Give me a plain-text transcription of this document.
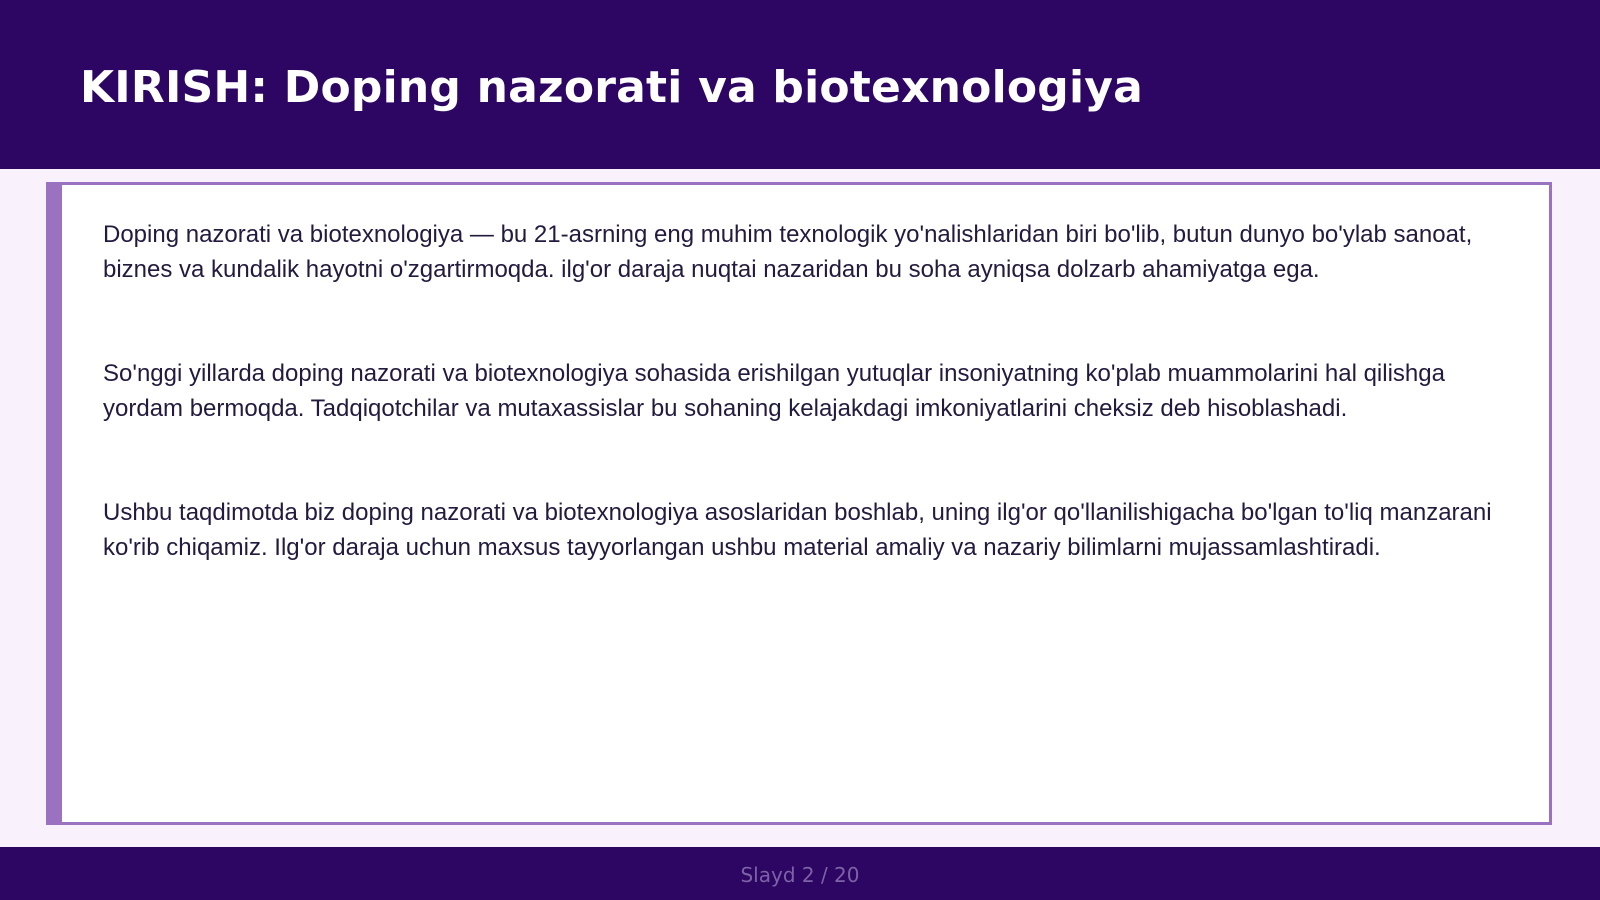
KIRISH: Doping nazorati va biotexnologiya

Doping nazorati va biotexnologiya — bu 21-asrning eng muhim texnologik yo'nalishlaridan biri bo'lib, butun dunyo bo'ylab sanoat, biznes va kundalik hayotni o'zgartirmoqda. ilg'or daraja nuqtai nazaridan bu soha ayniqsa dolzarb ahamiyatga ega.

So'nggi yillarda doping nazorati va biotexnologiya sohasida erishilgan yutuqlar insoniyatning ko'plab muammolarini hal qilishga yordam bermoqda. Tadqiqotchilar va mutaxassislar bu sohaning kelajakdagi imkoniyatlarini cheksiz deb hisoblashadi.

Ushbu taqdimotda biz doping nazorati va biotexnologiya asoslaridan boshlab, uning ilg'or qo'llanilishigacha bo'lgan to'liq manzarani ko'rib chiqamiz. Ilg'or daraja uchun maxsus tayyorlangan ushbu material amaliy va nazariy bilimlarni mujassamlashtiradi.

Slayd 2 / 20
